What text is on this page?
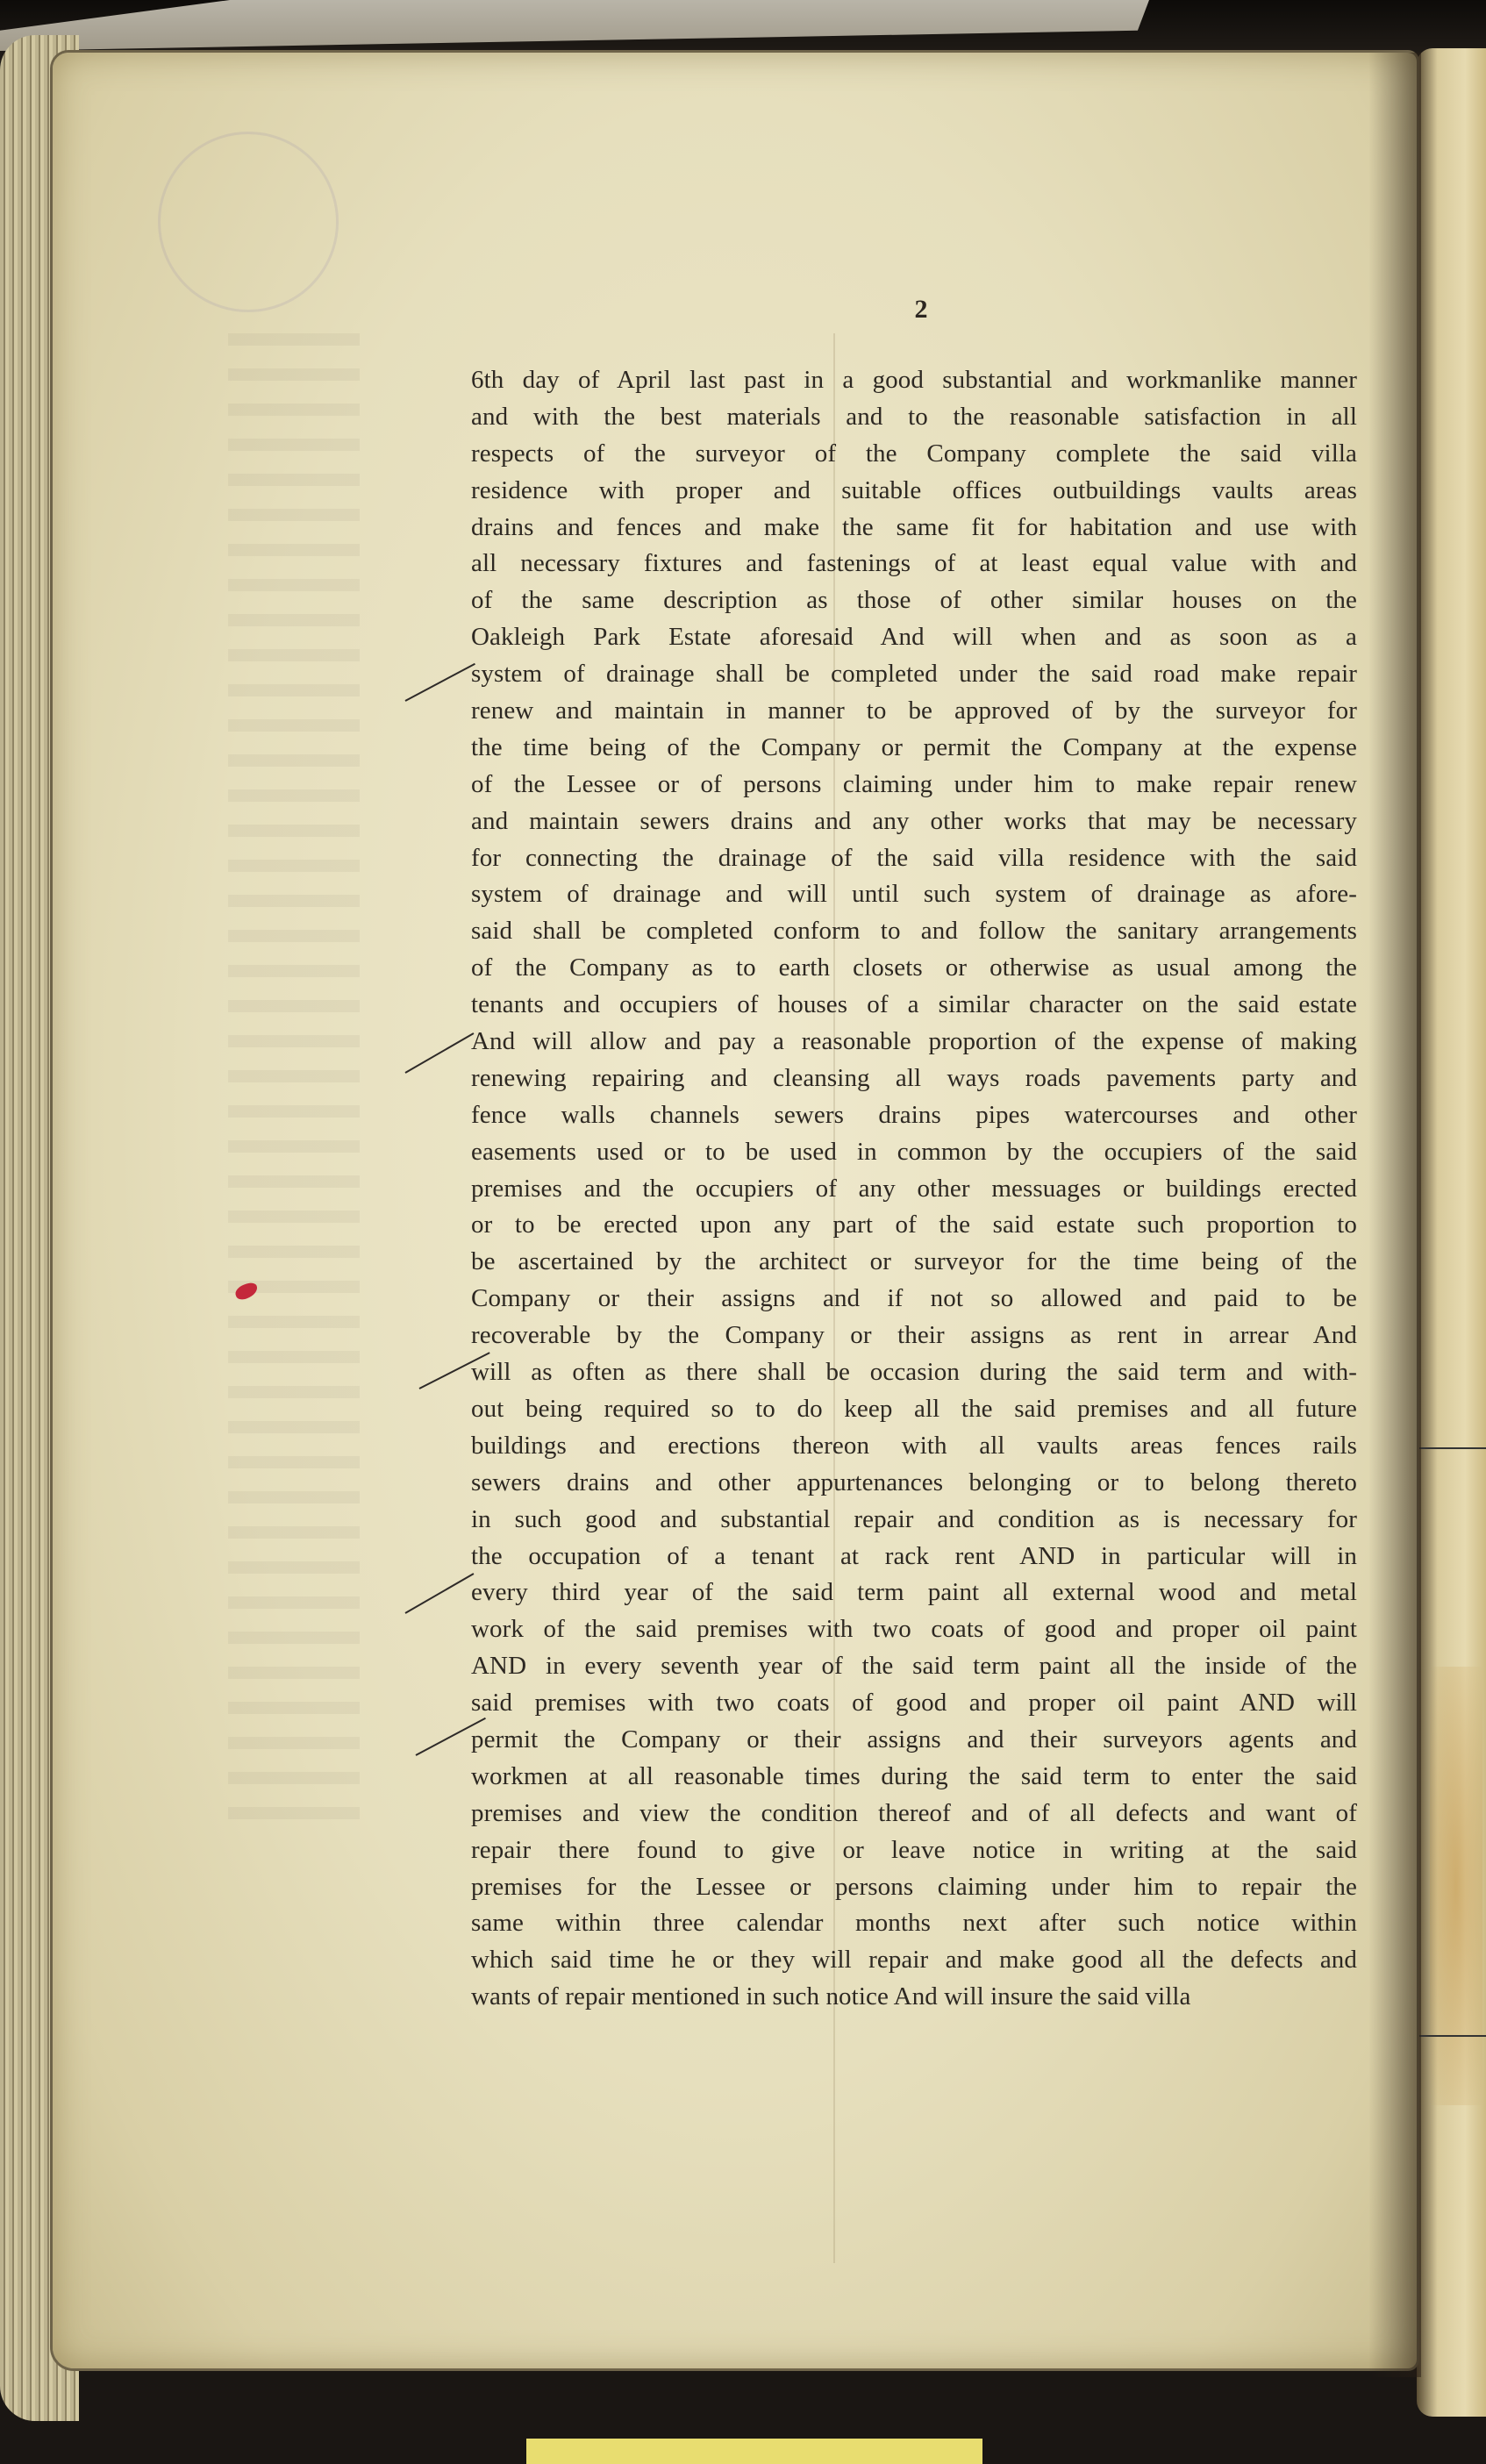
2
6th day of April last past in a good substantial and workmanlike manner
and with the best materials and to the reasonable satisfaction in all
respects of the surveyor of the Company complete the said villa
residence with proper and suitable offices outbuildings vaults areas
drains and fences and make the same fit for habitation and use with
all necessary fixtures and fastenings of at least equal value with and
of the same description as those of other similar houses on the
Oakleigh Park Estate aforesaid And will when and as soon as a
system of drainage shall be completed under the said road make repair
renew and maintain in manner to be approved of by the surveyor for
the time being of the Company or permit the Company at the expense
of the Lessee or of persons claiming under him to make repair renew
and maintain sewers drains and any other works that may be necessary
for connecting the drainage of the said villa residence with the said
system of drainage and will until such system of drainage as afore-
said shall be completed conform to and follow the sanitary arrangements
of the Company as to earth closets or otherwise as usual among the
tenants and occupiers of houses of a similar character on the said estate
And will allow and pay a reasonable proportion of the expense of making
renewing repairing and cleansing all ways roads pavements party and
fence walls channels sewers drains pipes watercourses and other
easements used or to be used in common by the occupiers of the said
premises and the occupiers of any other messuages or buildings erected
or to be erected upon any part of the said estate such proportion to
be ascertained by the architect or surveyor for the time being of the
Company or their assigns and if not so allowed and paid to be
recoverable by the Company or their assigns as rent in arrear And
will as often as there shall be occasion during the said term and with-
out being required so to do keep all the said premises and all future
buildings and erections thereon with all vaults areas fences rails
sewers drains and other appurtenances belonging or to belong thereto
in such good and substantial repair and condition as is necessary for
the occupation of a tenant at rack rent AND in particular will in
every third year of the said term paint all external wood and metal
work of the said premises with two coats of good and proper oil paint
AND in every seventh year of the said term paint all the inside of the
said premises with two coats of good and proper oil paint AND will
permit the Company or their assigns and their surveyors agents and
workmen at all reasonable times during the said term to enter the said
premises and view the condition thereof and of all defects and want of
repair there found to give or leave notice in writing at the said
premises for the Lessee or persons claiming under him to repair the
same within three calendar months next after such notice within
which said time he or they will repair and make good all the defects and
wants of repair mentioned in such notice And will insure the said villa
